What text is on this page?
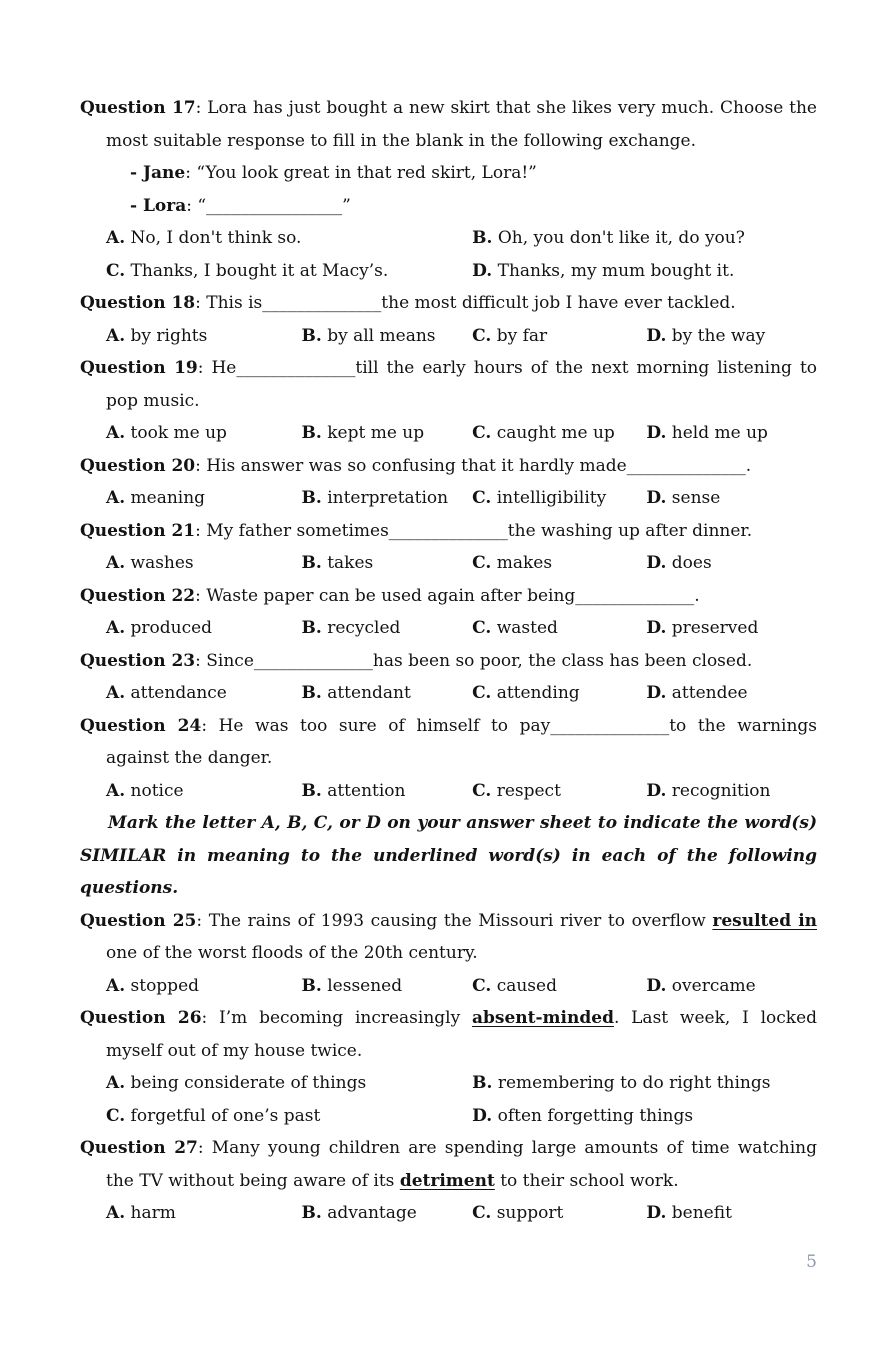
Question 17: Lora has just bought a new skirt that she likes very much. Choose the most suitable response to fill in the blank in the following exchange.

- Jane: “You look great in that red skirt, Lora!”

- Lora: “________________”

A. No, I don't think so.	B. Oh, you don't like it, do you?
C. Thanks, I bought it at Macy’s.	D. Thanks, my mum bought it.

Question 18: This is______________the most difficult job I have ever tackled.

A. by rights	B. by all means	C. by far	D. by the way

Question 19: He______________till the early hours of the next morning listening to pop music.

A. took me up	B. kept me up	C. caught me up	D. held me up

Question 20: His answer was so confusing that it hardly made______________.

A. meaning	B. interpretation	C. intelligibility	D. sense

Question 21: My father sometimes______________the washing up after dinner.

A. washes	B. takes	C. makes	D. does

Question 22: Waste paper can be used again after being______________.

A. produced	B. recycled	C. wasted	D. preserved

Question 23: Since______________has been so poor, the class has been closed.

A. attendance	B. attendant	C. attending	D. attendee

Question 24: He was too sure of himself to pay______________to the warnings against the danger.

A. notice	B. attention	C. respect	D. recognition

Mark the letter A, B, C, or D on your answer sheet to indicate the word(s) SIMILAR in meaning to the underlined word(s) in each of the following questions.

Question 25: The rains of 1993 causing the Missouri river to overflow resulted in one of the worst floods of the 20th century.

A. stopped	B. lessened	C. caused	D. overcame

Question 26: I’m becoming increasingly absent-minded. Last week, I locked myself out of my house twice.

A. being considerate of things	B. remembering to do right things
C. forgetful of one’s past	D. often forgetting things

Question 27: Many young children are spending large amounts of time watching the TV without being aware of its detriment to their school work.

A. harm	B. advantage	C. support	D. benefit
5
